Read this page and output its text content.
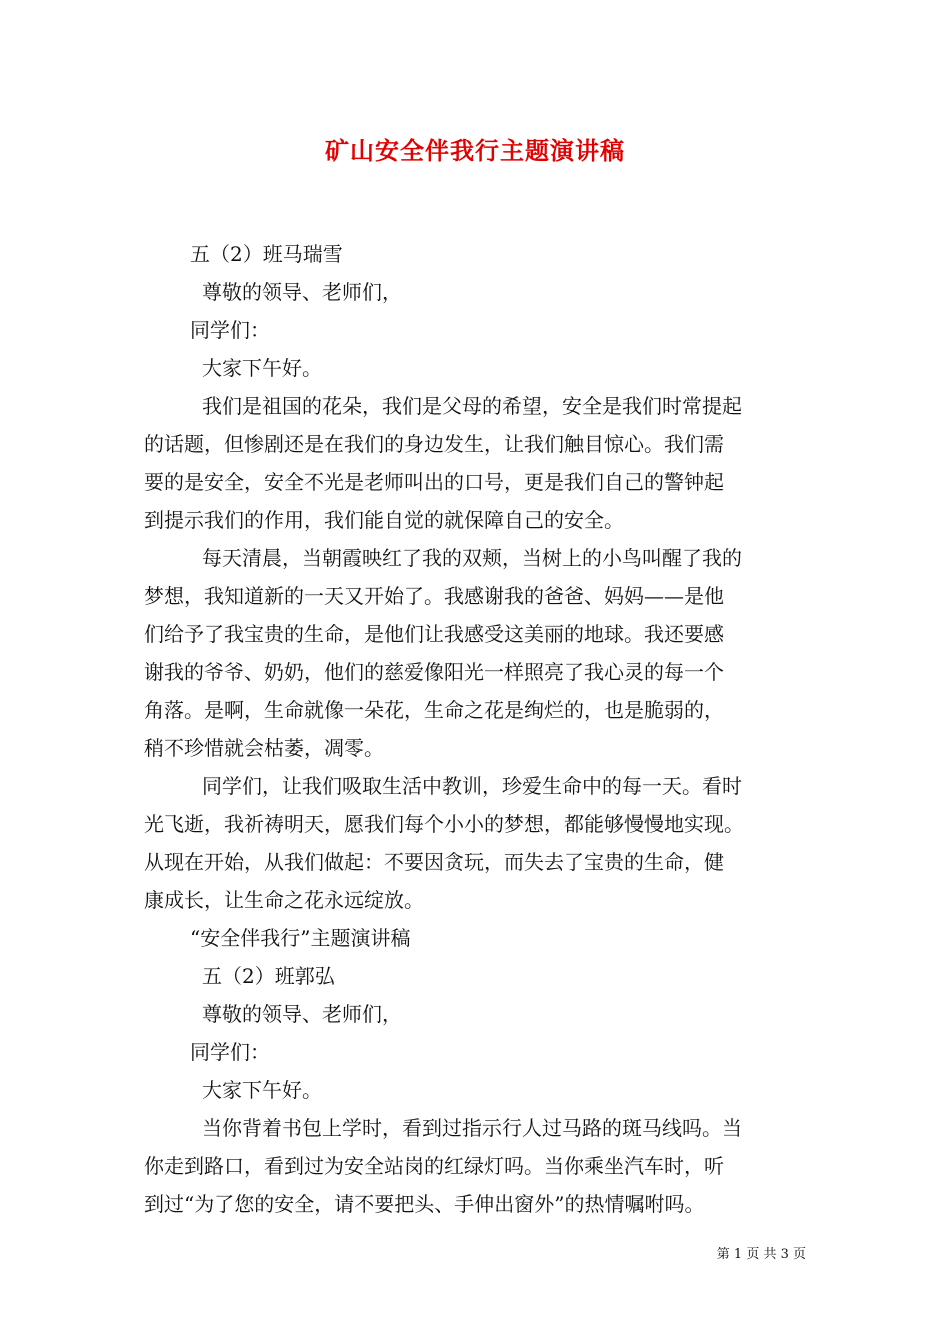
矿山安全伴我行主题演讲稿
五（2）班马瑞雪
尊敬的领导、老师们，
同学们：
大家下午好。
我们是祖国的花朵，我们是父母的希望，安全是我们时常提起
的话题，但惨剧还是在我们的身边发生，让我们触目惊心。我们需
要的是安全，安全不光是老师叫出的口号，更是我们自己的警钟起
到提示我们的作用，我们能自觉的就保障自己的安全。
每天清晨，当朝霞映红了我的双颊，当树上的小鸟叫醒了我的
梦想，我知道新的一天又开始了。我感谢我的爸爸、妈妈——是他
们给予了我宝贵的生命，是他们让我感受这美丽的地球。我还要感
谢我的爷爷、奶奶，他们的慈爱像阳光一样照亮了我心灵的每一个
角落。是啊，生命就像一朵花，生命之花是绚烂的，也是脆弱的，
稍不珍惜就会枯萎，凋零。
同学们，让我们吸取生活中教训，珍爱生命中的每一天。看时
光飞逝，我祈祷明天，愿我们每个小小的梦想，都能够慢慢地实现。
从现在开始，从我们做起：不要因贪玩，而失去了宝贵的生命，健
康成长，让生命之花永远绽放。
“安全伴我行”主题演讲稿
五（2）班郭弘
尊敬的领导、老师们，
同学们：
大家下午好。
当你背着书包上学时，看到过指示行人过马路的斑马线吗。当
你走到路口，看到过为安全站岗的红绿灯吗。当你乘坐汽车时，听
到过“为了您的安全，请不要把头、手伸出窗外”的热情嘱咐吗。
第 1 页 共 3 页
